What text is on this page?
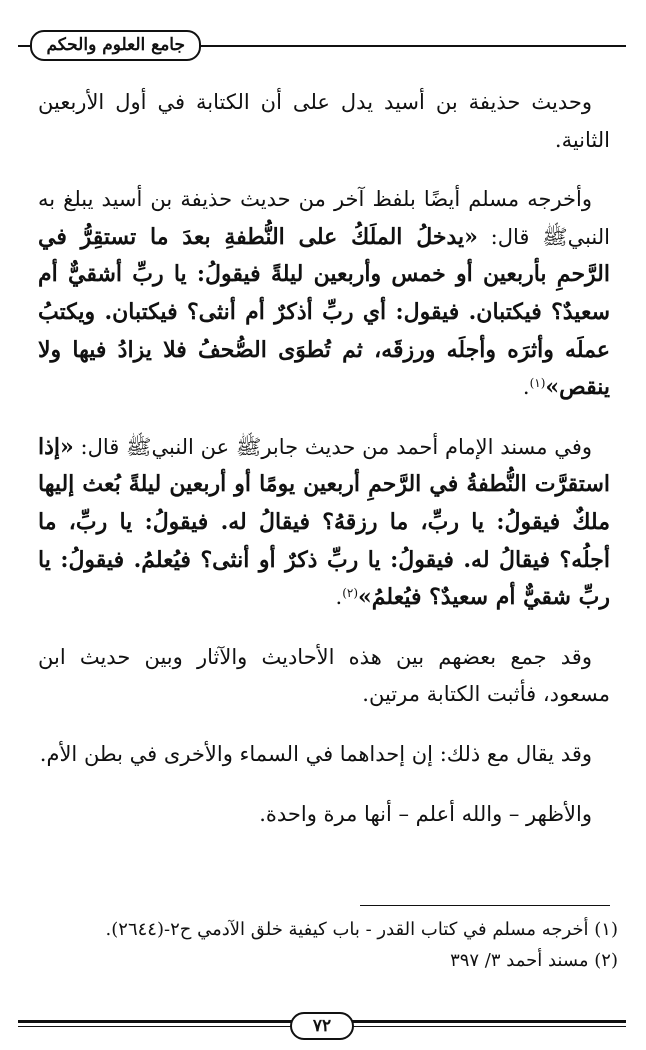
جامع العلوم والحكم

وحديث حذيفة بن أسيد يدل على أن الكتابة في أول الأربعين الثانية.

وأخرجه مسلم أيضًا بلفظ آخر من حديث حذيفة بن أسيد يبلغ به النبيﷺ قال: «يدخلُ الملَكُ على النُّطفةِ بعدَ ما تستقِرُّ في الرَّحمِ بأربعين أو خمس وأربعين ليلةً فيقولُ: يا ربِّ أشقيٌّ أم سعيدٌ؟ فيكتبان. فيقول: أي ربِّ أذكرٌ أم أنثى؟ فيكتبان. ويكتبُ عملَه وأثرَه وأجلَه ورزقَه، ثم تُطوَى الصُّحفُ فلا يزادُ فيها ولا ينقص»$^{(١)}$.

وفي مسند الإمام أحمد من حديث جابرﷺ عن النبيﷺ قال: «إذا استقرَّت النُّطفةُ في الرَّحمِ أربعين يومًا أو أربعين ليلةً بُعث إليها ملكٌ فيقولُ: يا ربِّ، ما رزقهُ؟ فيقالُ له. فيقولُ: يا ربِّ، ما أجلُه؟ فيقالُ له. فيقولُ: يا ربِّ ذكرٌ أو أنثى؟ فيُعلمُ. فيقولُ: يا ربِّ شقيٌّ أم سعيدٌ؟ فيُعلمُ»$^{(٢)}$.

وقد جمع بعضهم بين هذه الأحاديث والآثار وبين حديث ابن مسعود، فأثبت الكتابة مرتين.

وقد يقال مع ذلك: إن إحداهما في السماء والأخرى في بطن الأم.

والأظهر – والله أعلم – أنها مرة واحدة.

(١) أخرجه مسلم في كتاب القدر - باب كيفية خلق الآدمي ح٢-(٢٦٤٤).

(٢) مسند أحمد ٣/ ٣٩٧

٧٢
